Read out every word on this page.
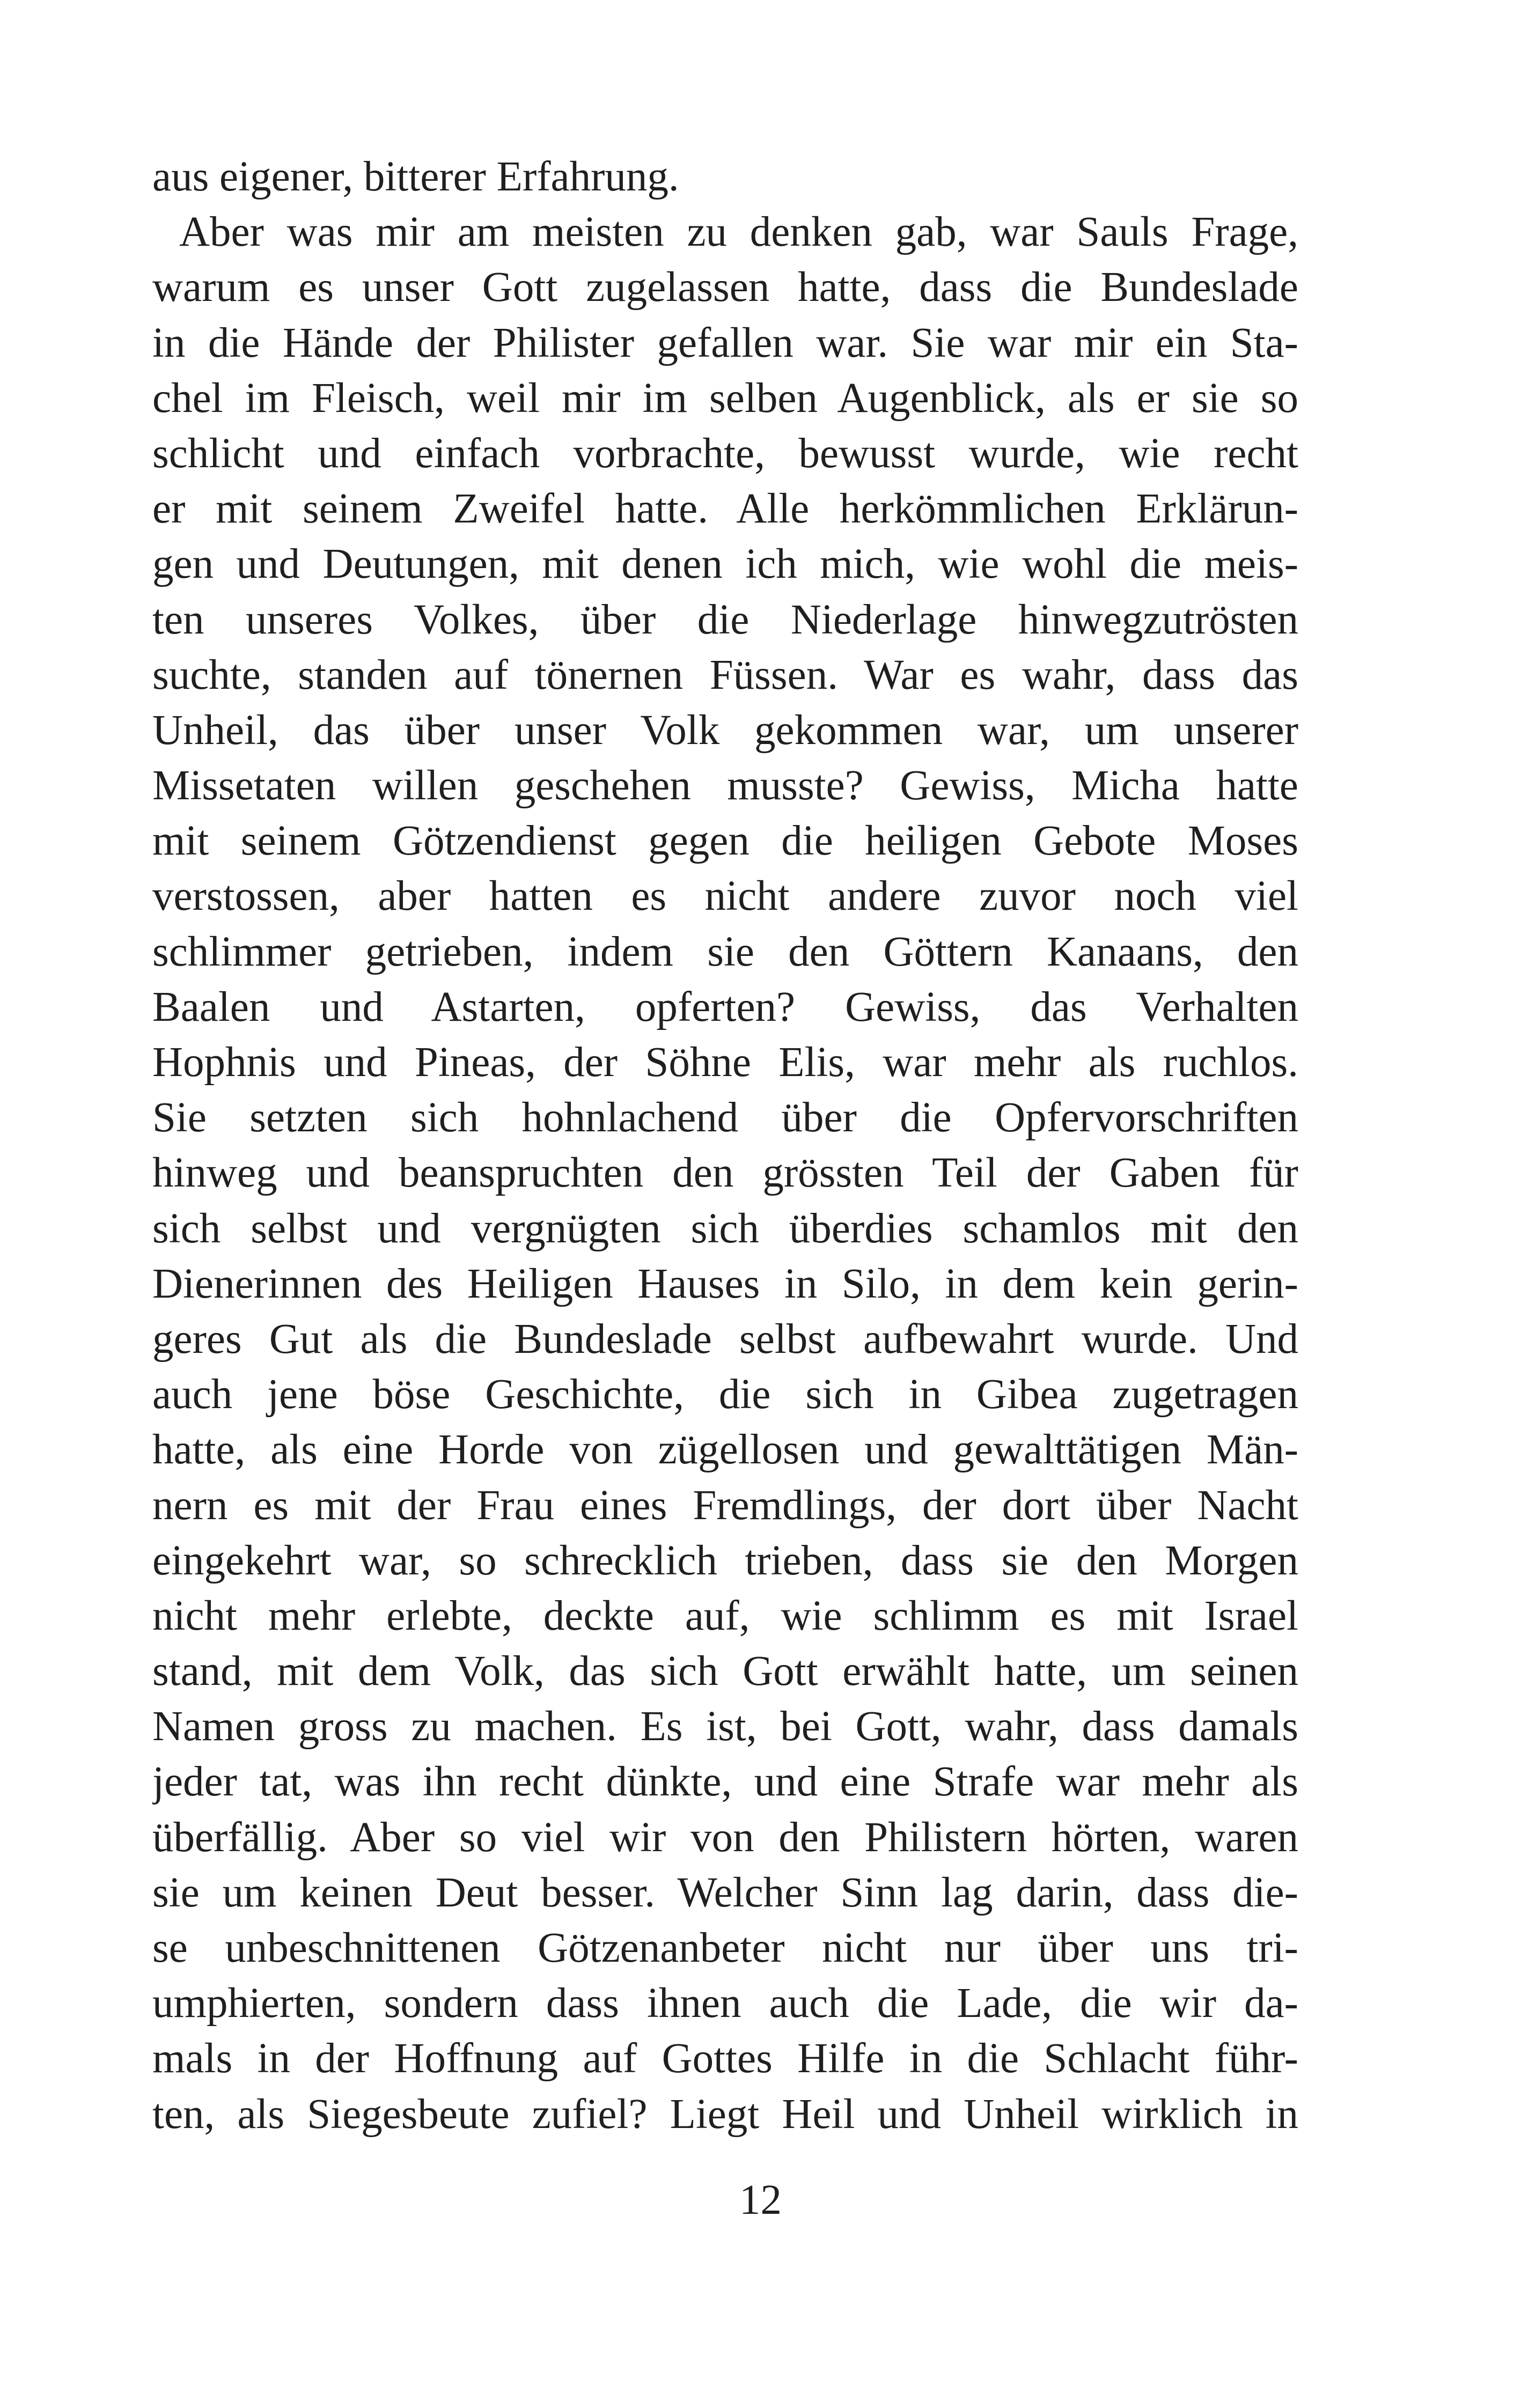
aus eigener, bitterer Erfahrung.
Aber was mir am meisten zu denken gab, war Sauls Frage,
warum es unser Gott zugelassen hatte, dass die Bundeslade
in die Hände der Philister gefallen war. Sie war mir ein Sta-
chel im Fleisch, weil mir im selben Augenblick, als er sie so
schlicht und einfach vorbrachte, bewusst wurde, wie recht
er mit seinem Zweifel hatte. Alle herkömmlichen Erklärun-
gen und Deutungen, mit denen ich mich, wie wohl die meis-
ten unseres Volkes, über die Niederlage hinwegzutrösten
suchte, standen auf tönernen Füssen. War es wahr, dass das
Unheil, das über unser Volk gekommen war, um unserer
Missetaten willen geschehen musste? Gewiss, Micha hatte
mit seinem Götzendienst gegen die heiligen Gebote Moses
verstossen, aber hatten es nicht andere zuvor noch viel
schlimmer getrieben, indem sie den Göttern Kanaans, den
Baalen und Astarten, opferten? Gewiss, das Verhalten
Hophnis und Pineas, der Söhne Elis, war mehr als ruchlos.
Sie setzten sich hohnlachend über die Opfervorschriften
hinweg und beanspruchten den grössten Teil der Gaben für
sich selbst und vergnügten sich überdies schamlos mit den
Dienerinnen des Heiligen Hauses in Silo, in dem kein gerin-
geres Gut als die Bundeslade selbst aufbewahrt wurde. Und
auch jene böse Geschichte, die sich in Gibea zugetragen
hatte, als eine Horde von zügellosen und gewalttätigen Män-
nern es mit der Frau eines Fremdlings, der dort über Nacht
eingekehrt war, so schrecklich trieben, dass sie den Morgen
nicht mehr erlebte, deckte auf, wie schlimm es mit Israel
stand, mit dem Volk, das sich Gott erwählt hatte, um seinen
Namen gross zu machen. Es ist, bei Gott, wahr, dass damals
jeder tat, was ihn recht dünkte, und eine Strafe war mehr als
überfällig. Aber so viel wir von den Philistern hörten, waren
sie um keinen Deut besser. Welcher Sinn lag darin, dass die-
se unbeschnittenen Götzenanbeter nicht nur über uns tri-
umphierten, sondern dass ihnen auch die Lade, die wir da-
mals in der Hoffnung auf Gottes Hilfe in die Schlacht führ-
ten, als Siegesbeute zufiel? Liegt Heil und Unheil wirklich in
12
